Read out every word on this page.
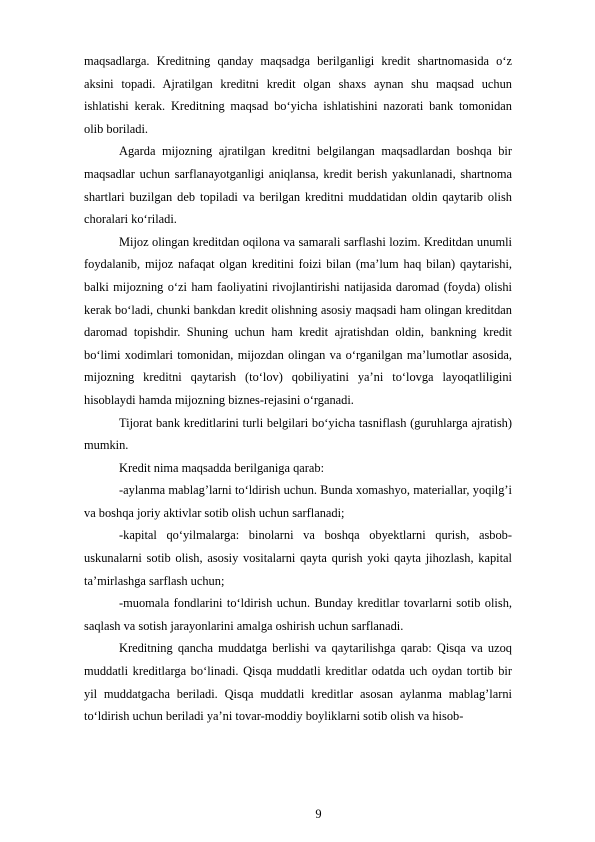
maqsadlarga. Kreditning qanday maqsadga berilganligi kredit shartnomasida o‘z aksini topadi. Ajratilgan kreditni kredit olgan shaxs aynan shu maqsad uchun ishlatishi kerak. Kreditning maqsad bo‘yicha ishlatishini nazorati bank tomonidan olib boriladi.

Agarda mijozning ajratilgan kreditni belgilangan maqsadlardan boshqa bir maqsadlar uchun sarflanayotganligi aniqlansa, kredit berish yakunlanadi, shartnoma shartlari buzilgan deb topiladi va berilgan kreditni muddatidan oldin qaytarib olish choralari ko‘riladi.

Mijoz olingan kreditdan oqilona va samarali sarflashi lozim. Kreditdan unumli foydalanib, mijoz nafaqat olgan kreditini foizi bilan (ma’lum haq bilan) qaytarishi, balki mijozning o‘zi ham faoliyatini rivojlantirishi natijasida daromad (foyda) olishi kerak bo‘ladi, chunki bankdan kredit olishning asosiy maqsadi ham olingan kreditdan daromad topishdir. Shuning uchun ham kredit ajratishdan oldin, bankning kredit bo‘limi xodimlari tomonidan, mijozdan olingan va o‘rganilgan ma’lumotlar asosida, mijozning kreditni qaytarish (to‘lov) qobiliyatini ya’ni to‘lovga layoqatliligini hisoblaydi hamda mijozning biznes-rejasini o‘rganadi.

Tijorat bank kreditlarini turli belgilari bo‘yicha tasniflash (guruhlarga ajratish) mumkin.

Kredit nima maqsadda berilganiga qarab:

-aylanma mablag’larni to‘ldirish uchun. Bunda xomashyo, materiallar, yoqilg’i va boshqa joriy aktivlar sotib olish uchun sarflanadi;

-kapital qo‘yilmalarga: binolarni va boshqa obyektlarni qurish, asbob-uskunalarni sotib olish, asosiy vositalarni qayta qurish yoki qayta jihozlash, kapital ta’mirlashga sarflash uchun;

-muomala fondlarini to‘ldirish uchun. Bunday kreditlar tovarlarni sotib olish, saqlash va sotish jarayonlarini amalga oshirish uchun sarflanadi.

Kreditning qancha muddatga berlishi va qaytarilishga qarab: Qisqa va uzoq muddatli kreditlarga bo‘linadi. Qisqa muddatli kreditlar odatda uch oydan tortib bir yil muddatgacha beriladi. Qisqa muddatli kreditlar asosan aylanma mablag’larni to‘ldirish uchun beriladi ya’ni tovar-moddiy boyliklarni sotib olish va hisob-

9
